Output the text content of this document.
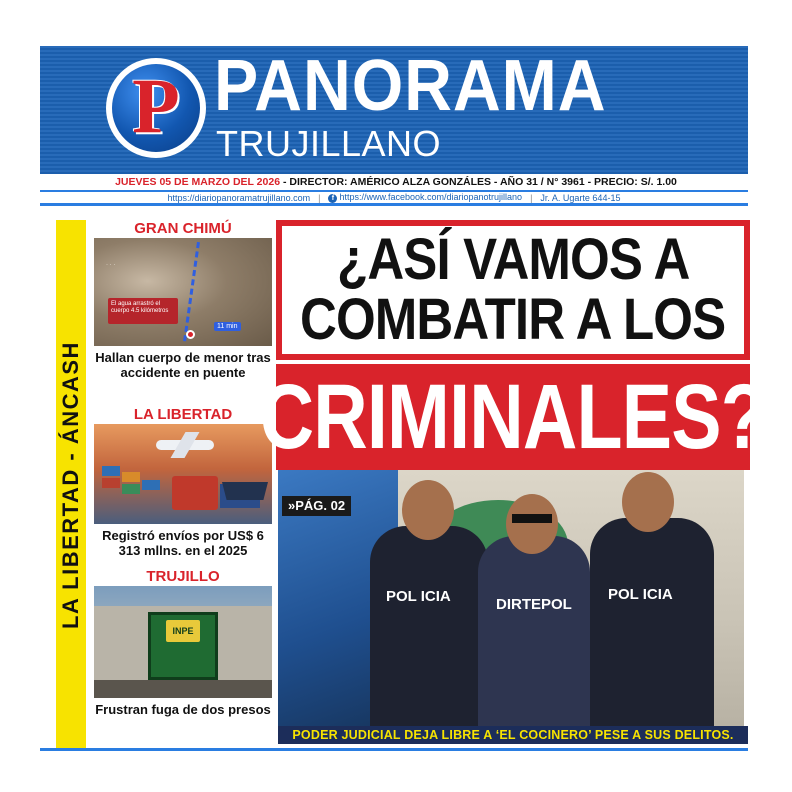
P PANORAMA
TRUJILLANO
JUEVES 05 DE MARZO DEL 2026 - DIRECTOR: AMÉRICO ALZA GONZÁLES - AÑO 31 / N° 3961 - PRECIO: S/. 1.00
https://diariopanoramatrujillano.com |	f https://www.facebook.com/diariopanotrujillano | Jr. A. Ugarte 644-15
LA LIBERTAD - ÁNCASH
GRAN CHIMÚ
· · ·
El agua arrastró el cuerpo 4.5 kilómetros
11 min
Hallan cuerpo de menor tras accidente en puente
LA LIBERTAD
Registró envíos por US$ 6 313 mllns. en el 2025
TRUJILLO
INPE
Frustran fuga de dos presos
¿ASÍ VAMOS A
COMBATIR A LOS
CRIMINALES?
POL ICIA	DIRTEPOL
POL ICIA
»PÁG. 02
PODER JUDICIAL DEJA LIBRE A ‘EL COCINERO’ PESE A SUS DELITOS.
